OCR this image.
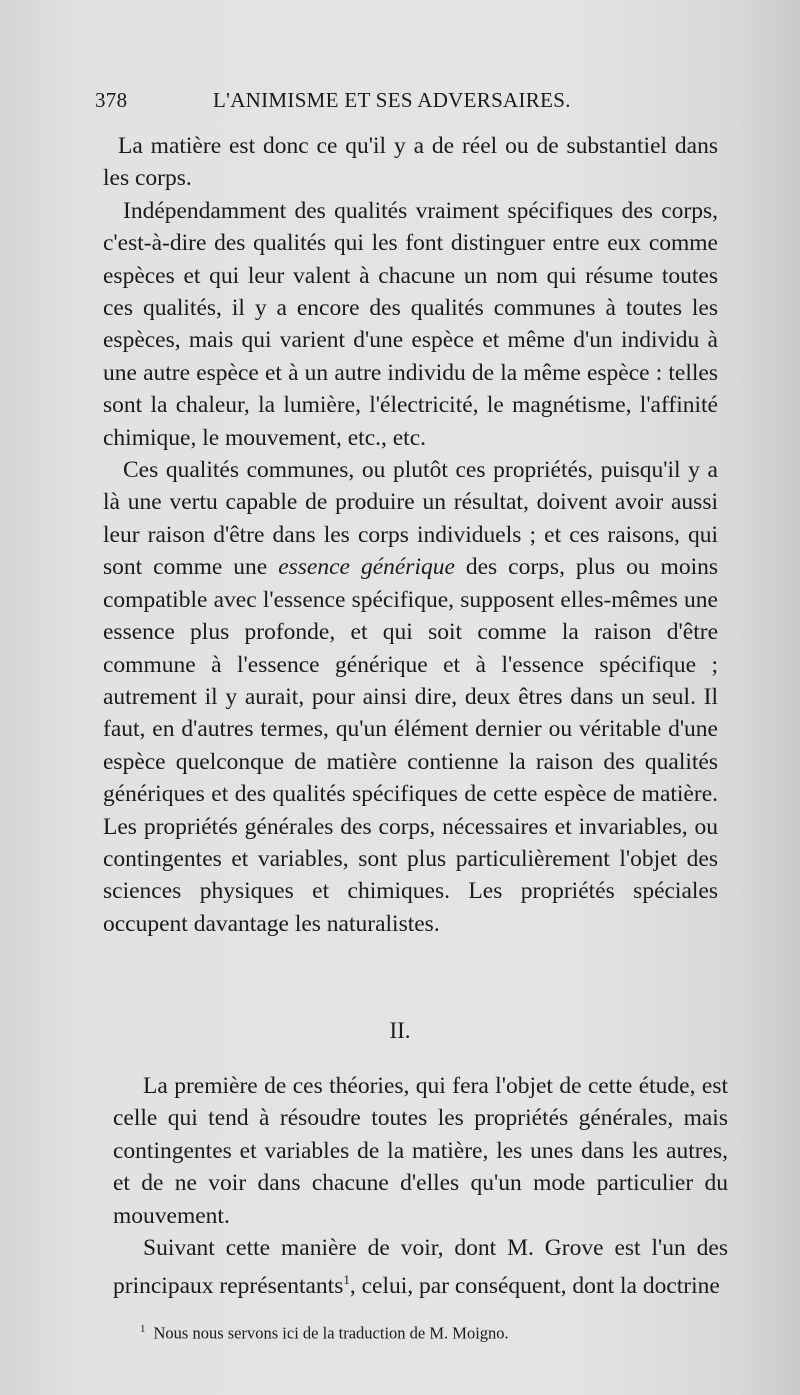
378	L'ANIMISME ET SES ADVERSAIRES.

La matière est donc ce qu'il y a de réel ou de substantiel dans les corps.

Indépendamment des qualités vraiment spécifiques des corps, c'est-à-dire des qualités qui les font distinguer entre eux comme espèces et qui leur valent à chacune un nom qui résume toutes ces qualités, il y a encore des qualités communes à toutes les espèces, mais qui varient d'une espèce et même d'un individu à une autre espèce et à un autre individu de la même espèce : telles sont la chaleur, la lumière, l'électricité, le magnétisme, l'affinité chimique, le mouvement, etc., etc.

Ces qualités communes, ou plutôt ces propriétés, puisqu'il y a là une vertu capable de produire un résultat, doivent avoir aussi leur raison d'être dans les corps individuels ; et ces raisons, qui sont comme une essence générique des corps, plus ou moins compatible avec l'essence spécifique, supposent elles-mêmes une essence plus profonde, et qui soit comme la raison d'être commune à l'essence générique et à l'essence spécifique ; autrement il y aurait, pour ainsi dire, deux êtres dans un seul. Il faut, en d'autres termes, qu'un élément dernier ou véritable d'une espèce quelconque de matière contienne la raison des qualités génériques et des qualités spécifiques de cette espèce de matière. Les propriétés générales des corps, nécessaires et invariables, ou contingentes et variables, sont plus particulièrement l'objet des sciences physiques et chimiques. Les propriétés spéciales occupent davantage les naturalistes.

II.

La première de ces théories, qui fera l'objet de cette étude, est celle qui tend à résoudre toutes les propriétés générales, mais contingentes et variables de la matière, les unes dans les autres, et de ne voir dans chacune d'elles qu'un mode particulier du mouvement.

Suivant cette manière de voir, dont M. Grove est l'un des principaux représentants$^1$, celui, par conséquent, dont la doctrine

$^1$ Nous nous servons ici de la traduction de M. Moigno.
